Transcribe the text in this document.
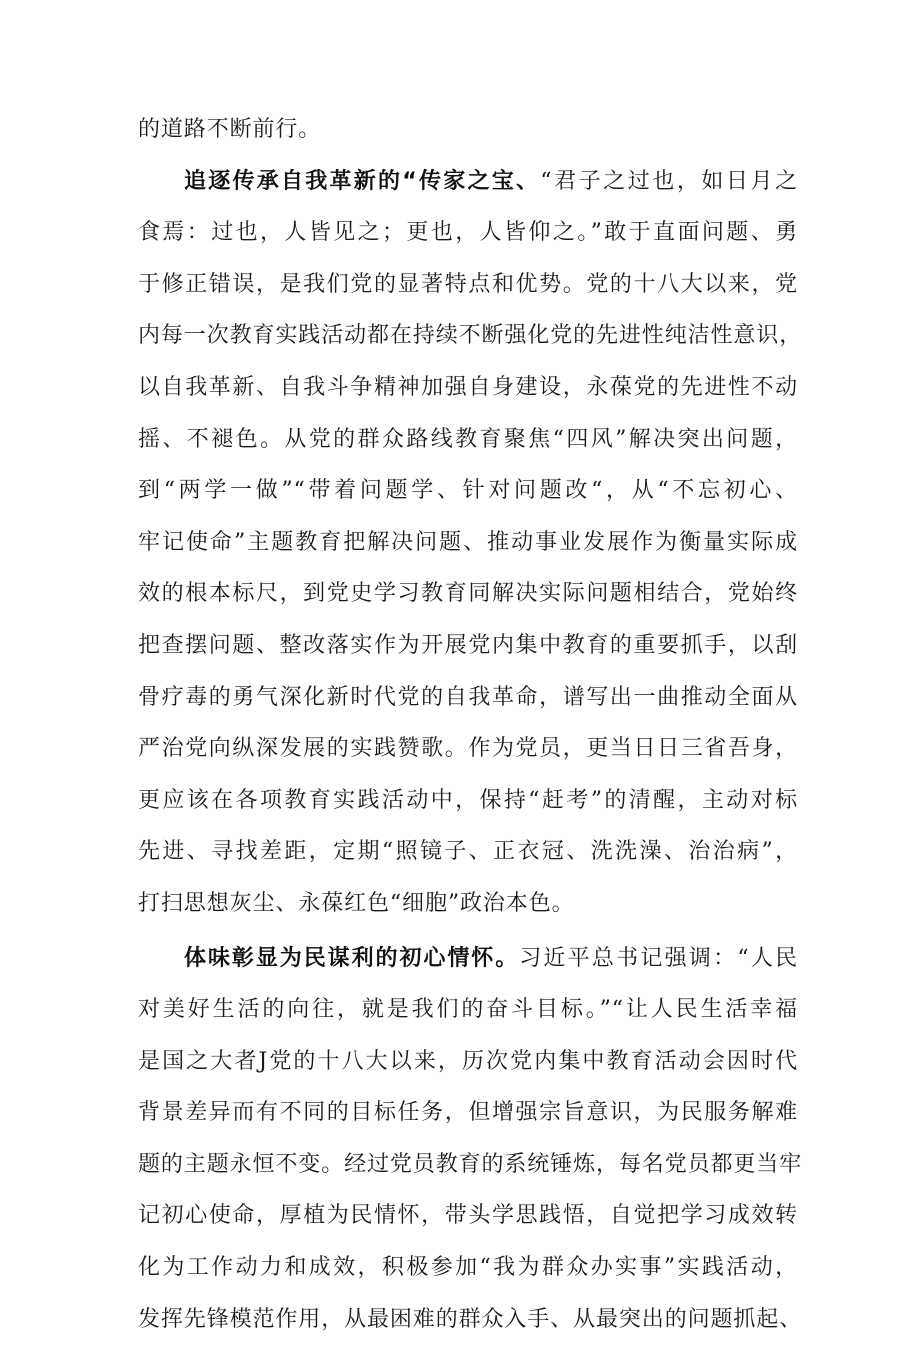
的道路不断前行。
追逐传承自我革新的“传家之宝、“君子之过也，如日月之
食焉：过也，人皆见之；更也，人皆仰之。”敢于直面问题、勇
于修正错误，是我们党的显著特点和优势。党的十八大以来，党
内每一次教育实践活动都在持续不断强化党的先进性纯洁性意识，
以自我革新、自我斗争精神加强自身建设，永葆党的先进性不动
摇、不褪色。从党的群众路线教育聚焦“四风”解决突出问题，
到“两学一做”“带着问题学、针对问题改“，从“不忘初心、
牢记使命”主题教育把解决问题、推动事业发展作为衡量实际成
效的根本标尺，到党史学习教育同解决实际问题相结合，党始终
把查摆问题、整改落实作为开展党内集中教育的重要抓手，以刮
骨疗毒的勇气深化新时代党的自我革命，谱写出一曲推动全面从
严治党向纵深发展的实践赞歌。作为党员，更当日日三省吾身，
更应该在各项教育实践活动中，保持“赶考”的清醒，主动对标
先进、寻找差距，定期“照镜子、正衣冠、洗洗澡、治治病”，
打扫思想灰尘、永葆红色“细胞”政治本色。
体味彰显为民谋利的初心情怀。习近平总书记强调：“人民
对美好生活的向往，就是我们的奋斗目标。”“让人民生活幸福
是国之大者J党的十八大以来，历次党内集中教育活动会因时代
背景差异而有不同的目标任务，但增强宗旨意识，为民服务解难
题的主题永恒不变。经过党员教育的系统锤炼，每名党员都更当牢
记初心使命，厚植为民情怀，带头学思践悟，自觉把学习成效转
化为工作动力和成效，积极参加“我为群众办实事”实践活动，
发挥先锋模范作用，从最困难的群众入手、从最突出的问题抓起、
